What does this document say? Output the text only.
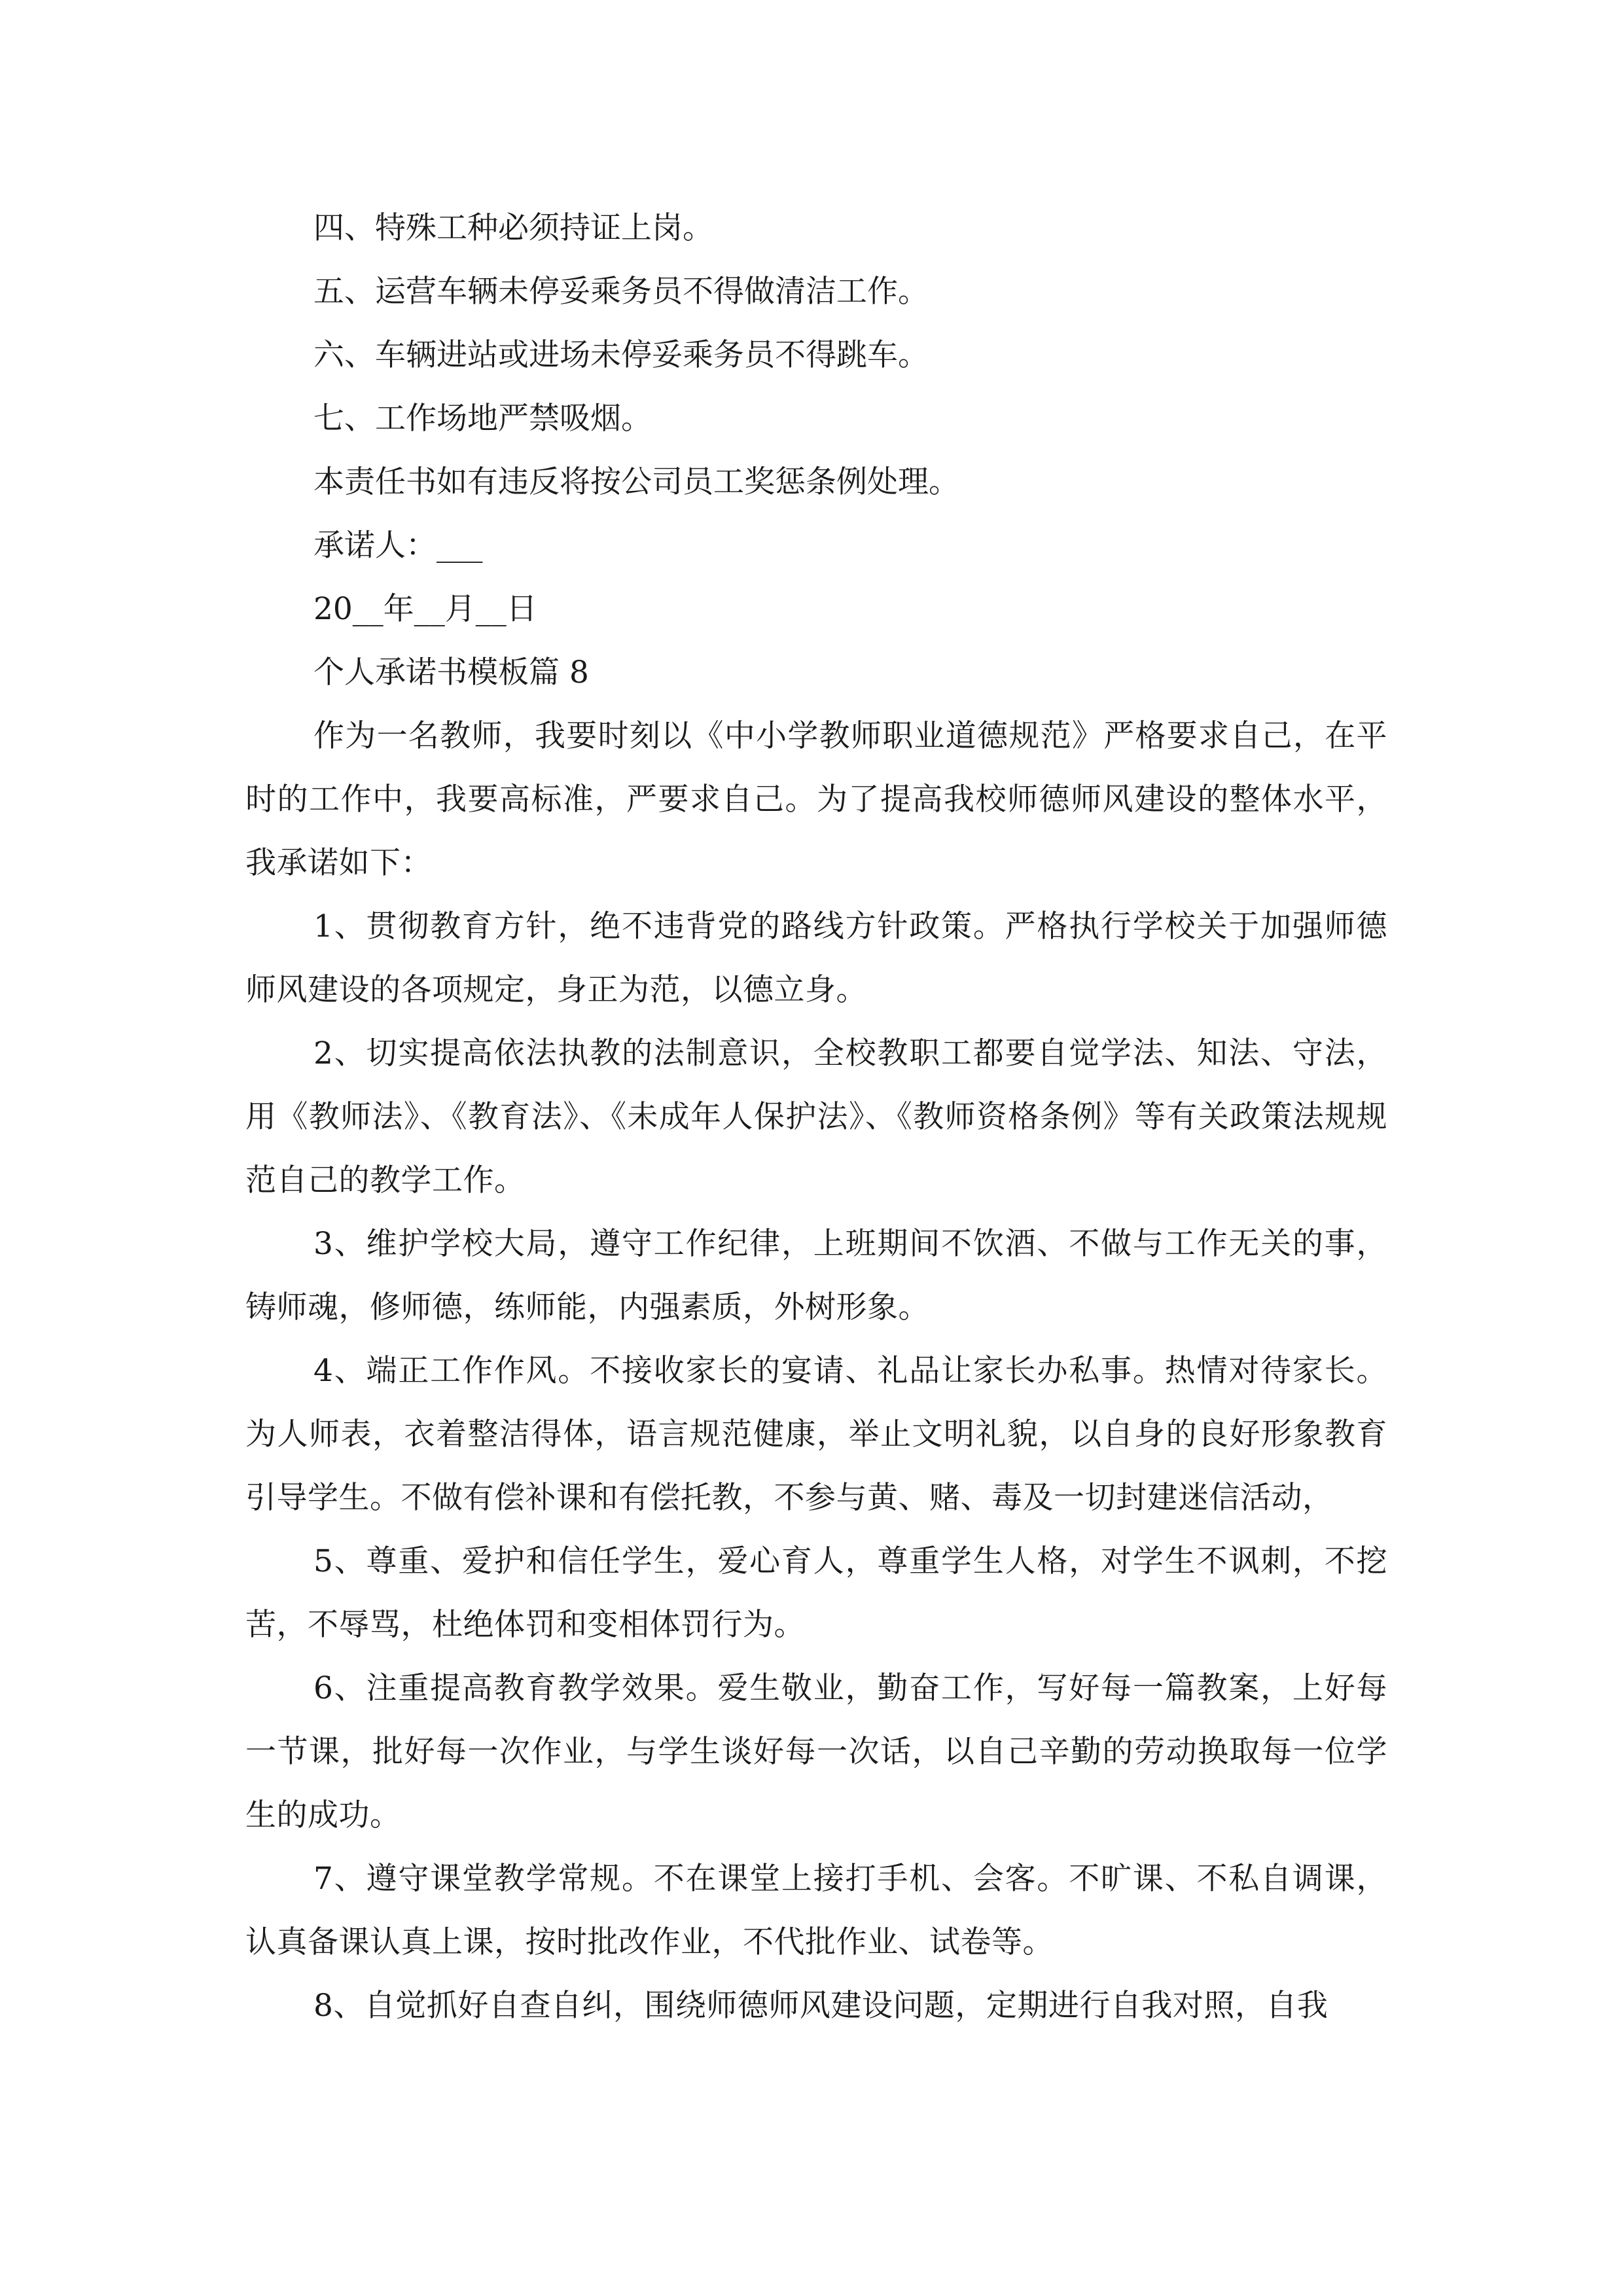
四、特殊工种必须持证上岗。

五、运营车辆未停妥乘务员不得做清洁工作。

六、车辆进站或进场未停妥乘务员不得跳车。

七、工作场地严禁吸烟。

本责任书如有违反将按公司员工奖惩条例处理。

承诺人：___

20__年__月__日

个人承诺书模板篇 8

作为一名教师，我要时刻以《中小学教师职业道德规范》严格要求自己，在平时的工作中，我要高标准，严要求自己。为了提高我校师德师风建设的整体水平，我承诺如下：

1、贯彻教育方针，绝不违背党的路线方针政策。严格执行学校关于加强师德师风建设的各项规定，身正为范，以德立身。

2、切实提高依法执教的法制意识，全校教职工都要自觉学法、知法、守法，用《教师法》、《教育法》、《未成年人保护法》、《教师资格条例》等有关政策法规规范自己的教学工作。

3、维护学校大局，遵守工作纪律，上班期间不饮酒、不做与工作无关的事，铸师魂，修师德，练师能，内强素质，外树形象。

4、端正工作作风。不接收家长的宴请、礼品让家长办私事。热情对待家长。为人师表，衣着整洁得体，语言规范健康，举止文明礼貌，以自身的良好形象教育引导学生。不做有偿补课和有偿托教，不参与黄、赌、毒及一切封建迷信活动，

5、尊重、爱护和信任学生，爱心育人，尊重学生人格，对学生不讽刺，不挖苦，不辱骂，杜绝体罚和变相体罚行为。

6、注重提高教育教学效果。爱生敬业，勤奋工作，写好每一篇教案，上好每一节课，批好每一次作业，与学生谈好每一次话，以自己辛勤的劳动换取每一位学生的成功。

7、遵守课堂教学常规。不在课堂上接打手机、会客。不旷课、不私自调课，认真备课认真上课，按时批改作业，不代批作业、试卷等。

8、自觉抓好自查自纠，围绕师德师风建设问题，定期进行自我对照，自我
